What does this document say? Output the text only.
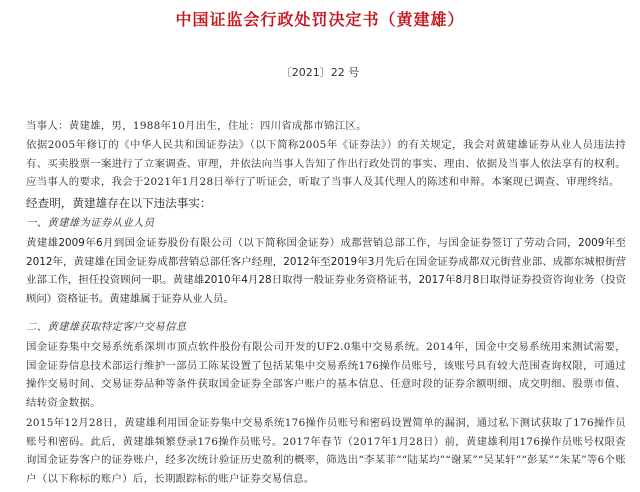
中国证监会行政处罚决定书（黄建雄）

〔2021〕22 号

当事人：黄建雄，男，1988年10月出生，住址：四川省成都市锦江区。

依据2005年修订的《中华人民共和国证券法》（以下简称2005年《证券法》）的有关规定，我会对黄建雄证券从业人员违法持有、买卖股票一案进行了立案调查、审理，并依法向当事人告知了作出行政处罚的事实、理由、依据及当事人依法享有的权利。应当事人的要求，我会于2021年1月28日举行了听证会，听取了当事人及其代理人的陈述和申辩。本案现已调查、审理终结。

经查明，黄建雄存在以下违法事实：

一、黄建雄为证券从业人员

黄建雄2009年6月到国金证券股份有限公司（以下简称国金证券）成都营销总部工作，与国金证券签订了劳动合同，2009年至2012年，黄建雄在国金证券成都营销总部任客户经理，2012年至2019年3月先后在国金证券成都双元街营业部、成都东城根街营业部工作，担任投资顾问一职。黄建雄2010年4月28日取得一般证券业务资格证书，2017年8月8日取得证券投资咨询业务（投资顾问）资格证书。黄建雄属于证券从业人员。

二、黄建雄获取特定客户交易信息

国金证券集中交易系统系深圳市顶点软件股份有限公司开发的UF2.0集中交易系统。2014年，国金中交易系统用来测试需要，国金证券信息技术部运行维护一部员工陈某设置了包括某集中交易系统176操作员账号，该账号具有较大范围查询权限，可通过操作交易时间、交易证券品种等条件获取国金证券全部客户账户的基本信息、任意时段的证券余额明细、成交明细、股票市值、结转资金数据。

2015年12月28日，黄建雄利用国金证券集中交易系统176操作员账号和密码设置简单的漏洞，通过私下测试获取了176操作员账号和密码。此后，黄建雄频繁登录176操作员账号。2017年春节（2017年1月28日）前，黄建雄利用176操作员账号权限查询国金证券客户的证券账户，经多次统计验证历史盈利的概率，筛选出“李某菲”“陆某均”“谢某”“吴某轩”“彭某”“朱某”等6个账户（以下称标的账户）后，长期跟踪标的账户证券交易信息。
